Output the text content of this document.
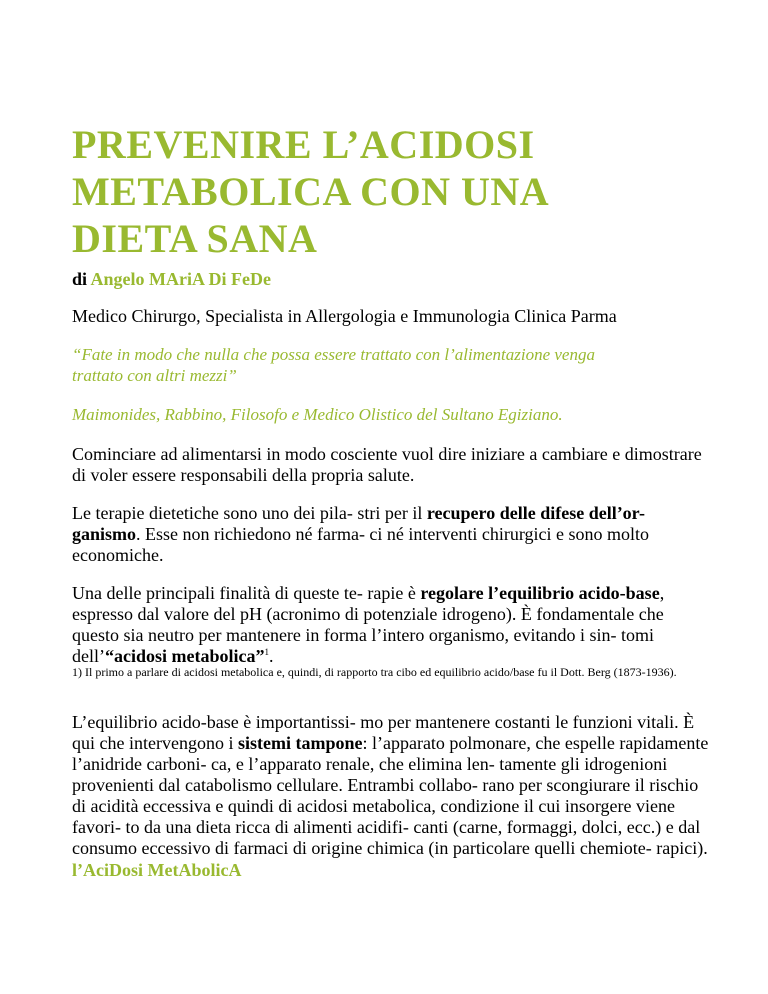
PREVENIRE L’ACIDOSI
METABOLICA CON UNA
DIETA SANA
di Angelo MAriA Di FeDe

Medico Chirurgo, Specialista in Allergologia e Immunologia Clinica Parma

“Fate in modo che nulla che possa essere trattato con l’alimentazione venga
trattato con altri mezzi”

Maimonides, Rabbino, Filosofo e Medico Olistico del Sultano Egiziano.

Cominciare ad alimentarsi in modo cosciente vuol dire iniziare a cambiare e dimostrare di voler essere responsabili della propria salute.

Le terapie dietetiche sono uno dei pila- stri per il recupero delle difese dell’or- ganismo. Esse non richiedono né farma- ci né interventi chirurgici e sono molto economiche.

Una delle principali finalità di queste te- rapie è regolare l’equilibrio acido-base, espresso dal valore del pH (acronimo di potenziale idrogeno). È fondamentale che questo sia neutro per mantenere in forma l’intero organismo, evitando i sin- tomi dell’“acidosi metabolica”$^1$.

1) Il primo a parlare di acidosi metabolica e, quindi, di rapporto tra cibo ed equilibrio acido/base fu il Dott. Berg (1873-1936).

L’equilibrio acido-base è importantissi- mo per mantenere costanti le funzioni vitali. È qui che intervengono i sistemi tampone: l’apparato polmonare, che espelle rapidamente l’anidride carboni- ca, e l’apparato renale, che elimina len- tamente gli idrogenioni provenienti dal catabolismo cellulare. Entrambi collabo- rano per scongiurare il rischio di acidità eccessiva e quindi di acidosi metabolica, condizione il cui insorgere viene favori- to da una dieta ricca di alimenti acidifi- canti (carne, formaggi, dolci, ecc.) e dal consumo eccessivo di farmaci di origine chimica (in particolare quelli chemiote- rapici).

l’AciDosi MetAbolicA
